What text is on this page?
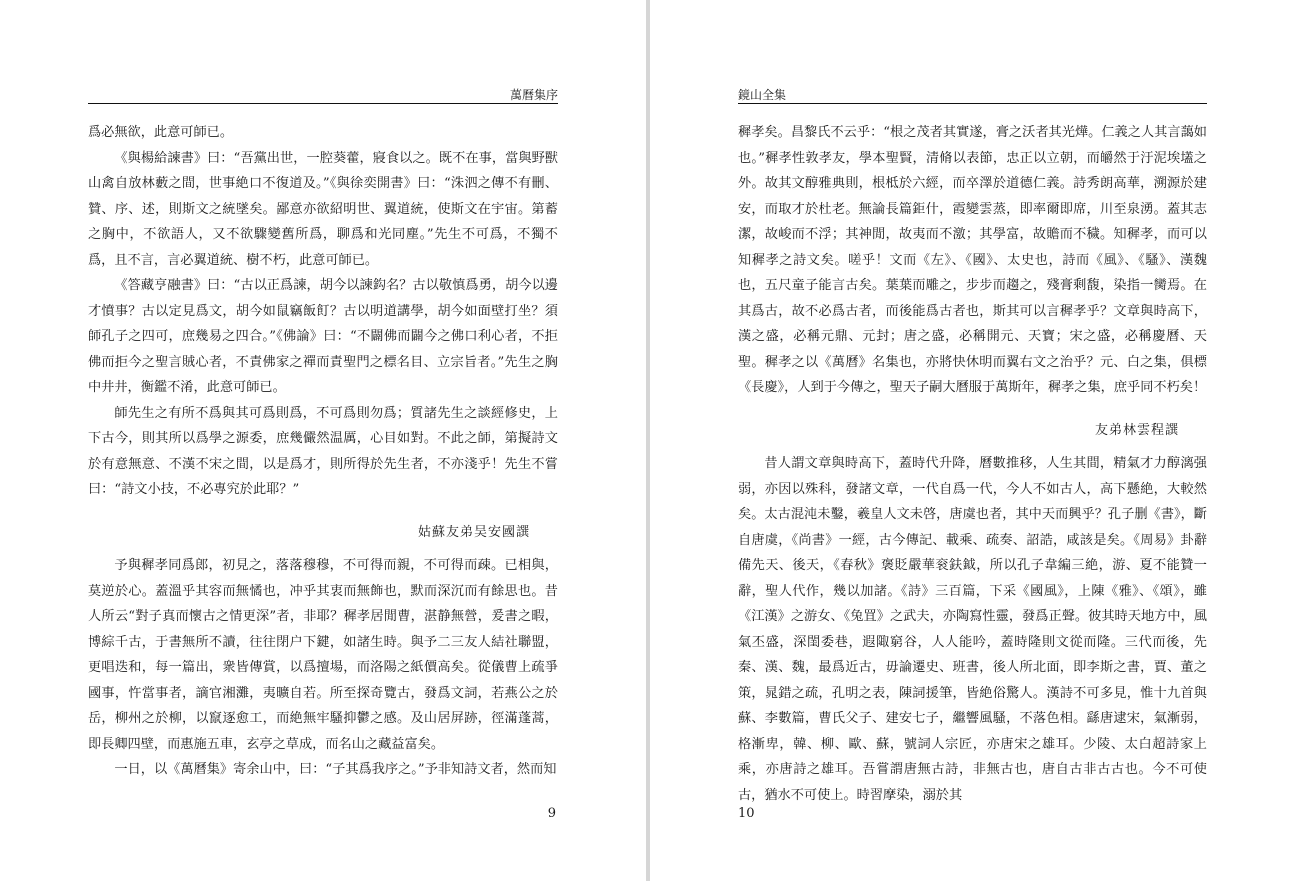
萬曆集序

爲必無欲，此意可師已。

《與楊給諫書》曰：“吾黨出世，一腔葵藿，寢食以之。既不在事，當與野獸山禽自放林藪之間，世事絶口不復道及。”《與徐奕開書》曰：“洙泗之傳不有刪、贊、序、述，則斯文之統墜矣。鄙意亦欲紹明世、翼道統，使斯文在宇宙。第蓄之胸中，不欲語人，又不欲驟變舊所爲，聊爲和光同塵。”先生不可爲，不獨不爲，且不言，言必翼道統、樹不朽，此意可師已。

《答藏亨融書》曰：“古以正爲諫，胡今以諫鈎名？古以敬慎爲勇，胡今以邊才憤事？古以定見爲文，胡今如鼠竊飯飣？古以明道講學，胡今如面壁打坐？須師孔子之四可，庶幾易之四合。”《佛論》曰：“不闢佛而闢今之佛口利心者，不拒佛而拒今之聖言賊心者，不責佛家之禪而責聖門之標名目、立宗旨者。”先生之胸中井井，衡鑑不淆，此意可師已。

師先生之有所不爲與其可爲則爲，不可爲則勿爲；質諸先生之談經修史，上下古今，則其所以爲學之源委，庶幾儼然温厲，心目如對。不此之師，第擬詩文於有意無意、不漢不宋之間，以是爲才，則所得於先生者，不亦淺乎！先生不嘗曰：“詩文小技，不必專究於此耶？”

姑蘇友弟吴安國譔

予與穉孝同爲郎，初見之，落落穆穆，不可得而親，不可得而疎。已相與，莫逆於心。蓋溫乎其容而無憰也，冲乎其衷而無飾也，默而深沉而有餘思也。昔人所云“對子真而懷古之情更深”者，非耶？穉孝居閒曹，湛静無營，爰書之暇，博綜千古，于書無所不讀，往往閉户下鍵，如諸生時。與予二三友人結社聯盟，更唱迭和，每一篇出，衆皆傳賞，以爲擅場，而洛陽之紙價高矣。從儀曹上疏爭國事，忤當事者，謫官湘灘，夷曠自若。所至探奇覽古，發爲文詞，若燕公之於岳，柳州之於柳，以竄逐愈工，而絶無牢騷抑鬱之感。及山居屏跡，徑滿蓬蒿，即長卿四壁，而惠施五車，玄亭之草成，而名山之藏益富矣。

一日，以《萬曆集》寄余山中，曰：“子其爲我序之。”予非知詩文者，然而知

9
鏡山全集

穉孝矣。昌黎氏不云乎：“根之茂者其實遂，膏之沃者其光燁。仁義之人其言藹如也。”穉孝性敦孝友，學本聖賢，清脩以表節，忠正以立朝，而皭然于汙泥埃壒之外。故其文醇雅典則，根柢於六經，而卒澤於道德仁義。詩秀朗高華，溯源於建安，而取才於杜老。無論長篇鉅什，霞變雲蒸，即率爾即席，川至泉湧。蓋其志潔，故峻而不浮；其神閒，故夷而不激；其學富，故贍而不穢。知穉孝，而可以知穉孝之詩文矣。嗟乎！文而《左》、《國》、太史也，詩而《風》、《騷》、漢魏也，五尺童子能言古矣。葉葉而雕之，步步而趨之，殘膏剩馥，染指一臠焉。在其爲古，故不必爲古者，而後能爲古者也，斯其可以言穉孝乎？文章與時高下，漢之盛，必稱元鼎、元封；唐之盛，必稱開元、天寶；宋之盛，必稱慶曆、天聖。穉孝之以《萬曆》名集也，亦將快休明而翼右文之治乎？元、白之集，俱標《長慶》，人到于今傳之，聖天子嗣大曆服于萬斯年，穉孝之集，庶乎同不朽矣！

友弟林雲程譔

昔人謂文章與時高下，蓋時代升降，曆數推移，人生其間，精氣才力醇漓强弱，亦因以殊科，發諸文章，一代自爲一代，今人不如古人，高下懸絶，大較然矣。太古混沌未鑿，羲皇人文未啓，唐虞也者，其中天而興乎？孔子删《書》，斷自唐虞，《尚書》一經，古今傳記、載乘、疏奏、詔誥，咸該是矣。《周易》卦辭備先天、後天，《春秋》褒貶嚴華衮鈇鉞，所以孔子韋編三絶，游、夏不能贊一辭，聖人代作，幾以加諸。《詩》三百篇，下采《國風》，上陳《雅》、《頌》，雖《江漢》之游女、《兔罝》之武夫，亦陶寫性靈，發爲正聲。彼其時天地方中，風氣丕盛，深閨委巷，遐陬窮谷，人人能吟，蓋時隆則文從而隆。三代而後，先秦、漢、魏，最爲近古，毋論遷史、班書，後人所北面，即李斯之書，賈、董之策，晁錯之疏，孔明之表，陳詞援筆，皆絶俗驚人。漢詩不可多見，惟十九首與蘇、李數篇，曹氏父子、建安七子，繼響風騷，不落色相。繇唐逮宋，氣漸弱，格漸卑，韓、柳、歐、蘇，號詞人宗匠，亦唐宋之雄耳。少陵、太白超詩家上乘，亦唐詩之雄耳。吾嘗謂唐無古詩，非無古也，唐自古非古古也。今不可使古，猶水不可使上。時習摩染，溺於其

10
